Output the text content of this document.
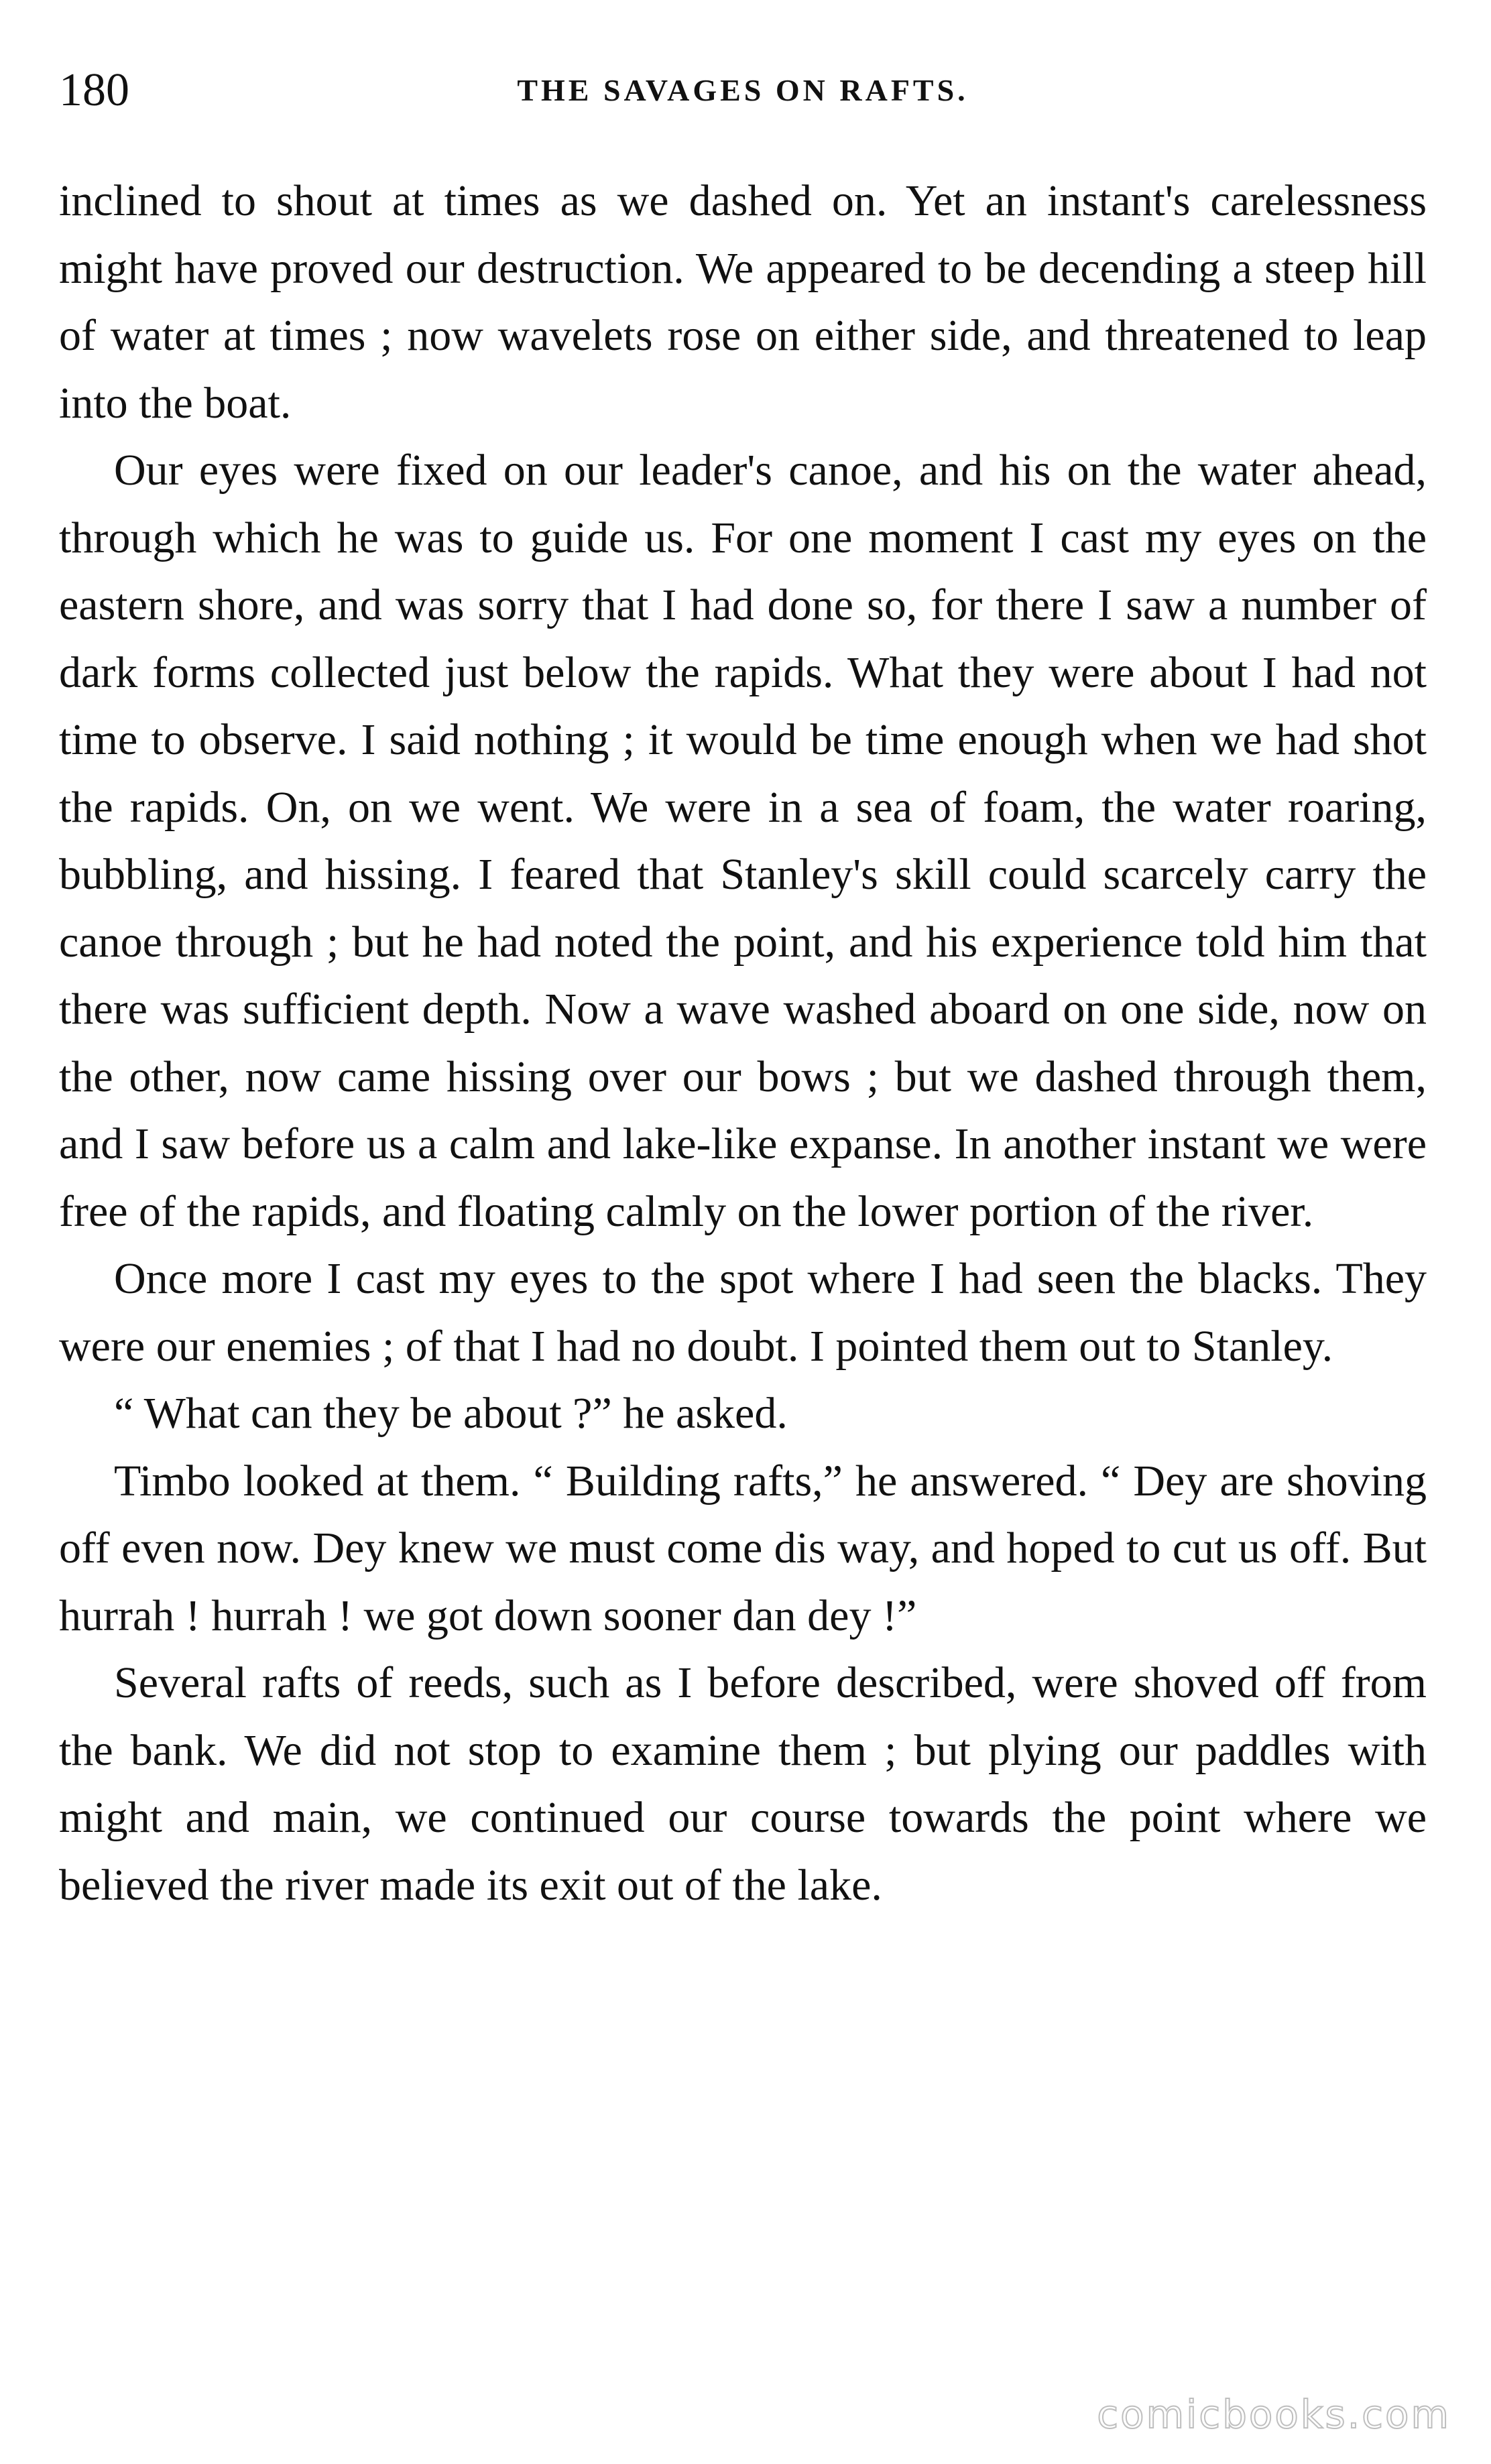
180	THE SAVAGES ON RAFTS.

inclined to shout at times as we dashed on. Yet an instant's carelessness might have proved our destruction. We appeared to be decending a steep hill of water at times ; now wavelets rose on either side, and threatened to leap into the boat.

Our eyes were fixed on our leader's canoe, and his on the water ahead, through which he was to guide us. For one moment I cast my eyes on the eastern shore, and was sorry that I had done so, for there I saw a number of dark forms collected just below the rapids. What they were about I had not time to observe. I said nothing ; it would be time enough when we had shot the rapids. On, on we went. We were in a sea of foam, the water roaring, bubbling, and hissing. I feared that Stanley's skill could scarcely carry the canoe through ; but he had noted the point, and his experience told him that there was sufficient depth. Now a wave washed aboard on one side, now on the other, now came hissing over our bows ; but we dashed through them, and I saw before us a calm and lake-like expanse. In another instant we were free of the rapids, and floating calmly on the lower portion of the river.

Once more I cast my eyes to the spot where I had seen the blacks. They were our enemies ; of that I had no doubt. I pointed them out to Stanley.

“ What can they be about ?” he asked.

Timbo looked at them. “ Building rafts,” he answered. “ Dey are shoving off even now. Dey knew we must come dis way, and hoped to cut us off. But hurrah ! hurrah ! we got down sooner dan dey !”

Several rafts of reeds, such as I before described, were shoved off from the bank. We did not stop to examine them ; but plying our paddles with might and main, we continued our course towards the point where we believed the river made its exit out of the lake.

comicbooks.com
